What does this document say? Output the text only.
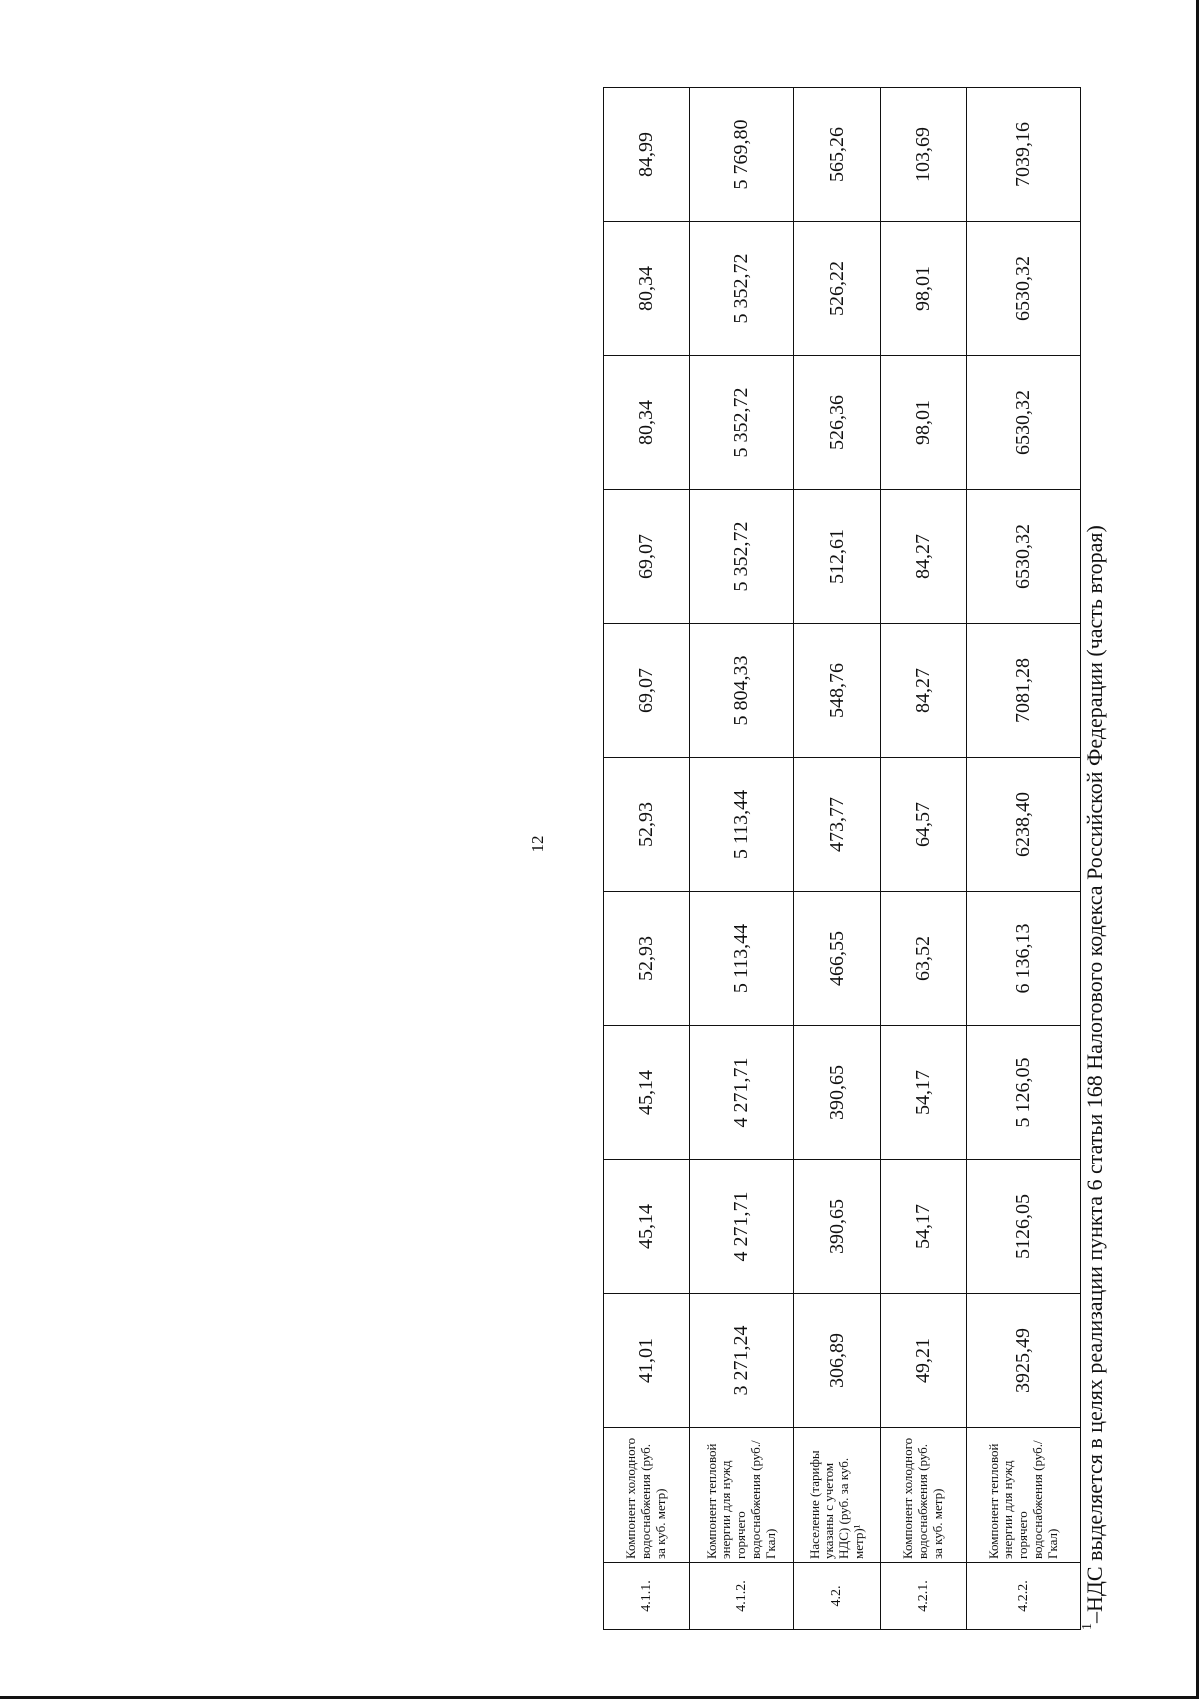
12
4.1.1.	Компонент холодного водоснабжения (руб. за куб. метр)	41,01	45,14	45,14	52,93	52,93	69,07	69,07	80,34	80,34	84,99
4.1.2.	Компонент тепловой энергии для нужд горячего водоснабжения (руб./Гкал)	3 271,24	4 271,71	4 271,71	5 113,44	5 113,44	5 804,33	5 352,72	5 352,72	5 352,72	5 769,80
4.2.	Население (тарифы указаны с учетом НДС) (руб. за куб. метр)¹	306,89	390,65	390,65	466,55	473,77	548,76	512,61	526,36	526,22	565,26
4.2.1.	Компонент холодного водоснабжения (руб. за куб. метр)	49,21	54,17	54,17	63,52	64,57	84,27	84,27	98,01	98,01	103,69
4.2.2.	Компонент тепловой энергии для нужд горячего водоснабжения (руб./Гкал)	3925,49	5126,05	5 126,05	6 136,13	6238,40	7081,28	6530,32	6530,32	6530,32	7039,16
$^1$–НДС выделяется в целях реализации пункта 6 статьи 168 Налогового кодекса Российской Федерации (часть вторая)
